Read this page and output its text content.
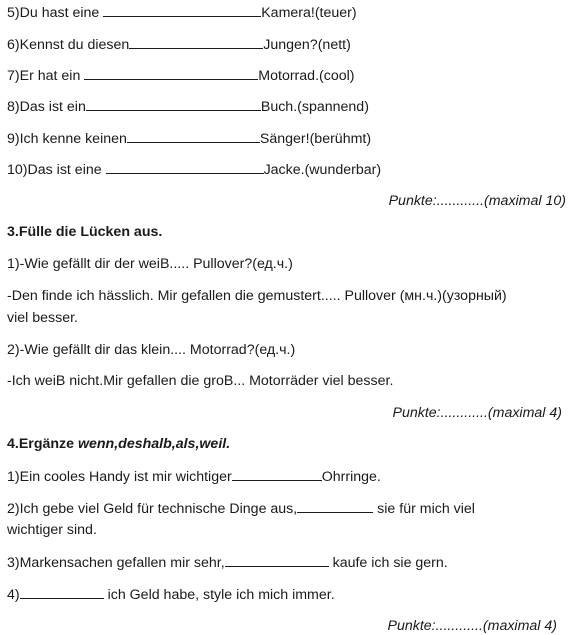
5)Du hast eine	Kamera!(teuer)
6)Kennst du diesen	Jungen?(nett)
7)Er hat ein	Motorrad.(cool)
8)Das ist ein	Buch.(spannend)
9)Ich kenne keinen	Sänger!(berühmt)
10)Das ist eine	Jacke.(wunderbar)
Punkte:............(maximal 10)
3.Fülle die Lücken aus.
1)-Wie gefällt dir der weiB..... Pullover?(ед.ч.)
-Den finde ich hässlich. Mir gefallen die gemustert..... Pullover (мн.ч.)(узорный)
viel besser.
2)-Wie gefällt dir das klein.... Motorrad?(ед.ч.)
-Ich weiB nicht.Mir gefallen die groB... Motorräder viel besser.
Punkte:............(maximal 4)
4.Ergänze wenn,deshalb,als,weil.
1)Ein cooles Handy ist mir wichtiger	Ohrringe.
2)Ich gebe viel Geld für technische Dinge aus,	sie für mich viel
wichtiger sind.
3)Markensachen gefallen mir sehr,	kaufe ich sie gern.
4)	ich Geld habe, style ich mich immer.
Punkte:............(maximal 4)
